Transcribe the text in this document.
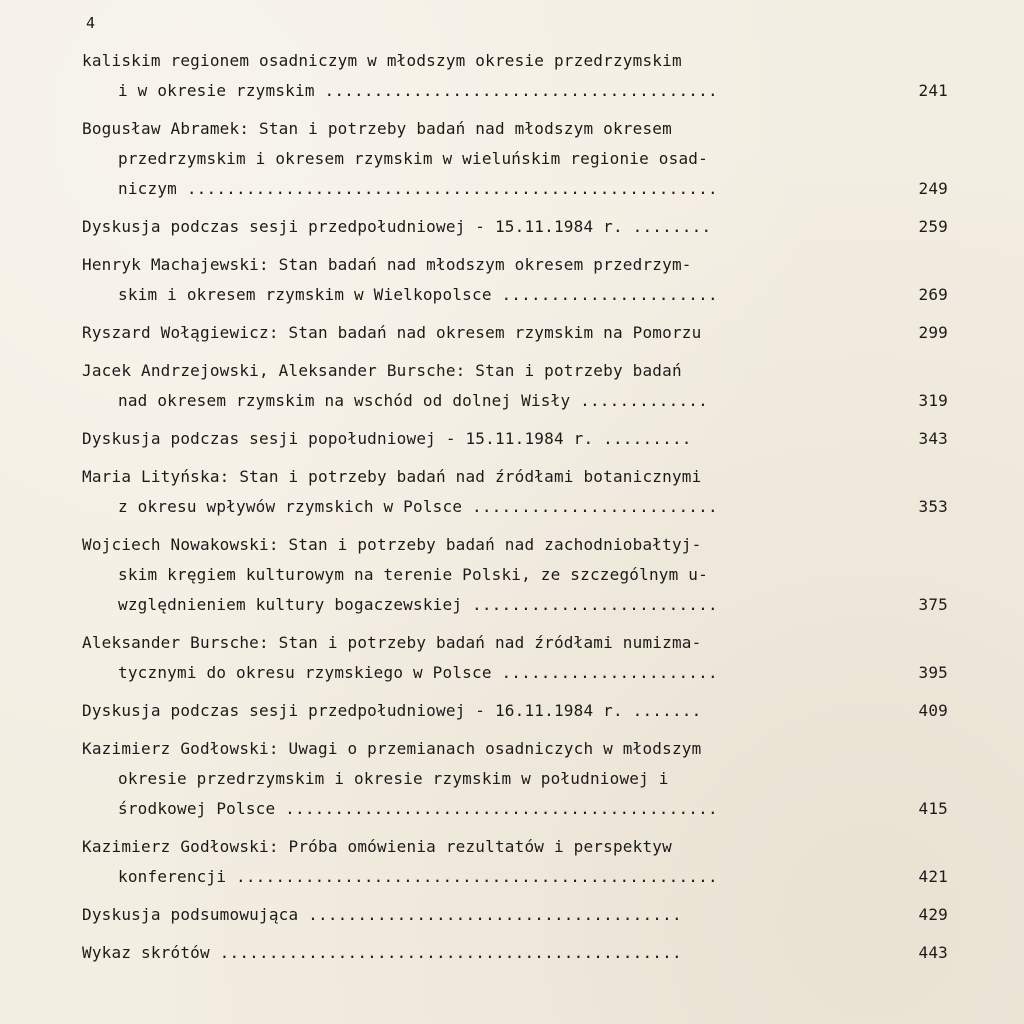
4
kaliskim regionem osadniczym w młodszym okresie przedrzymskim
i w okresie rzymskim ........................................	241
Bogusław Abramek: Stan i potrzeby badań nad młodszym okresem
przedrzymskim i okresem rzymskim w wieluńskim regionie osad-
niczym ......................................................	249
Dyskusja podczas sesji przedpołudniowej - 15.11.1984 r. ........	259
Henryk Machajewski: Stan badań nad młodszym okresem przedrzym-
skim i okresem rzymskim w Wielkopolsce ......................	269
Ryszard Wołągiewicz: Stan badań nad okresem rzymskim na Pomorzu	299
Jacek Andrzejowski, Aleksander Bursche: Stan i potrzeby badań
nad okresem rzymskim na wschód od dolnej Wisły .............	319
Dyskusja podczas sesji popołudniowej - 15.11.1984 r. .........	343
Maria Lityńska: Stan i potrzeby badań nad źródłami botanicznymi
z okresu wpływów rzymskich w Polsce .........................	353
Wojciech Nowakowski: Stan i potrzeby badań nad zachodniobałtyj-
skim kręgiem kulturowym na terenie Polski, ze szczególnym u-
względnieniem kultury bogaczewskiej .........................	375
Aleksander Bursche: Stan i potrzeby badań nad źródłami numizma-
tycznymi do okresu rzymskiego w Polsce ......................	395
Dyskusja podczas sesji przedpołudniowej - 16.11.1984 r. .......	409
Kazimierz Godłowski: Uwagi o przemianach osadniczych w młodszym
okresie przedrzymskim i okresie rzymskim w południowej i
środkowej Polsce ............................................	415
Kazimierz Godłowski: Próba omówienia rezultatów i perspektyw
konferencji .................................................	421
Dyskusja podsumowująca ......................................	429
Wykaz skrótów ...............................................	443
